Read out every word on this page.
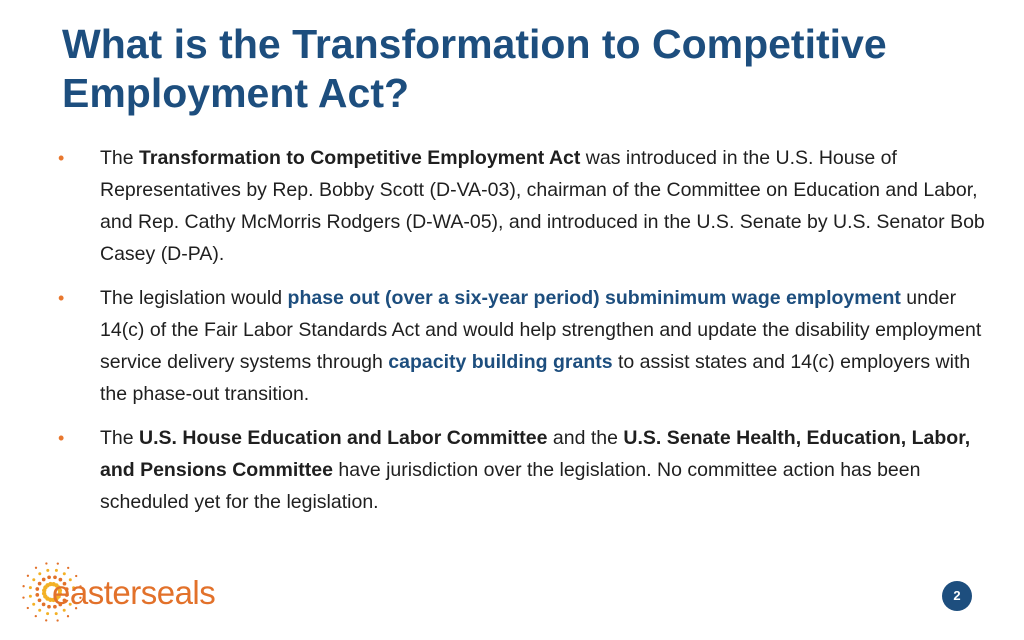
What is the Transformation to Competitive Employment Act?
• The Transformation to Competitive Employment Act was introduced in the U.S. House of Representatives by Rep. Bobby Scott (D-VA-03), chairman of the Committee on Education and Labor, and Rep. Cathy McMorris Rodgers (D-WA-05), and introduced in the U.S. Senate by U.S. Senator Bob Casey (D-PA).
• The legislation would phase out (over a six-year period) subminimum wage employment under 14(c) of the Fair Labor Standards Act and would help strengthen and update the disability employment service delivery systems through capacity building grants to assist states and 14(c) employers with the phase-out transition.
• The U.S. House Education and Labor Committee and the U.S. Senate Health, Education, Labor, and Pensions Committee have jurisdiction over the legislation. No committee action has been scheduled yet for the legislation.
easterseals	2
